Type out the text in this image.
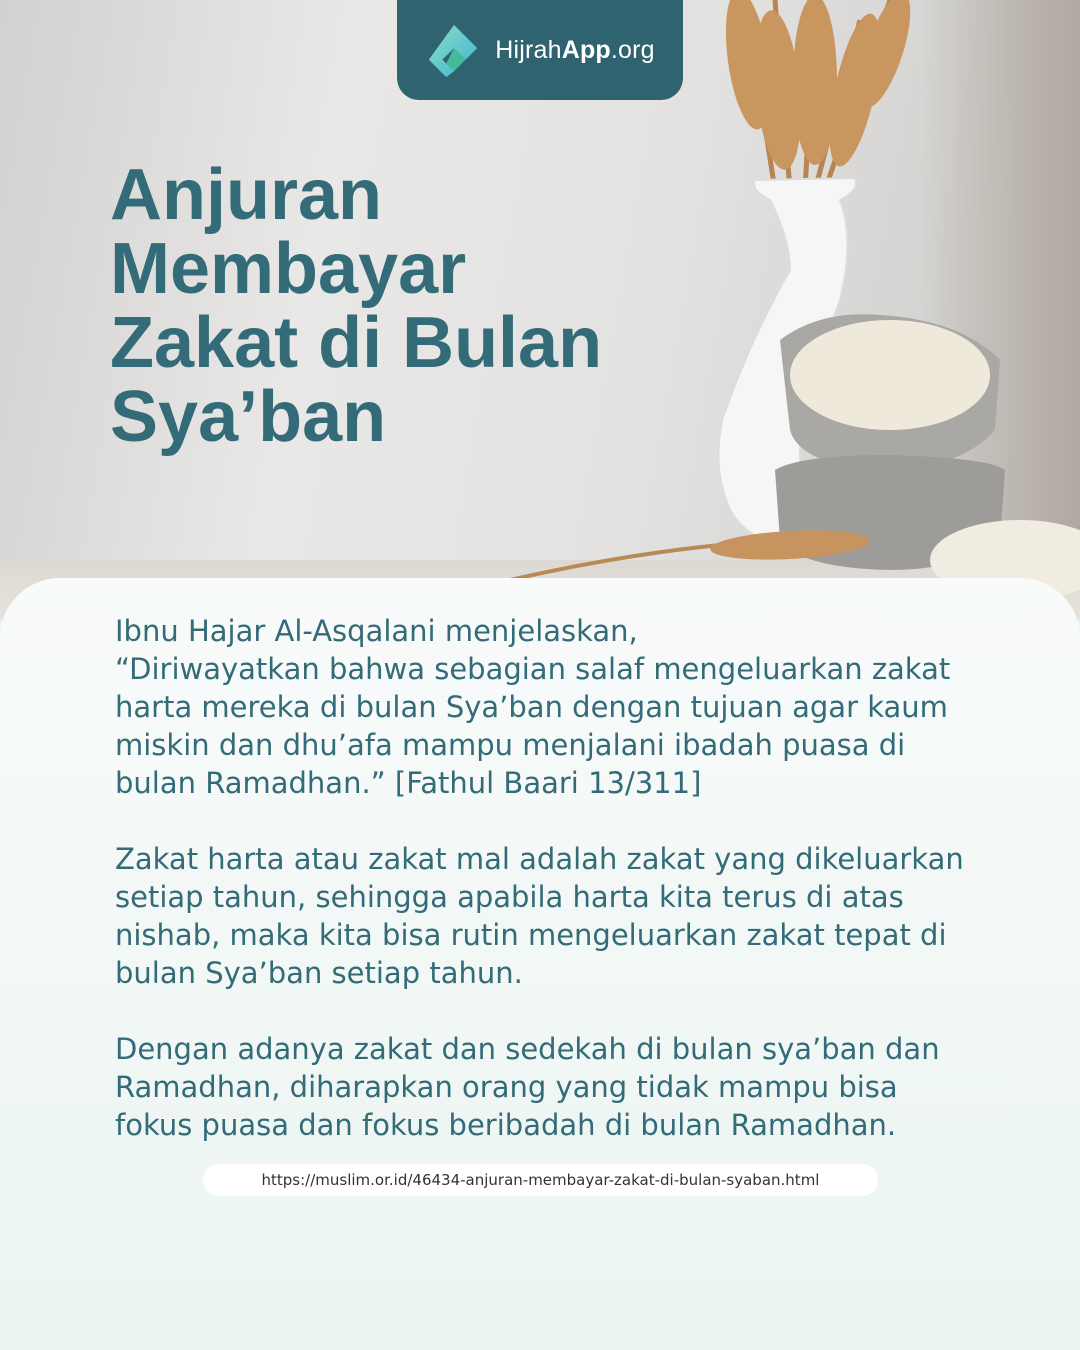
HijrahApp.org
Anjuran
Membayar
Zakat di Bulan
Sya’ban

Ibnu Hajar Al-Asqalani menjelaskan,
“Diriwayatkan bahwa sebagian salaf mengeluarkan zakat harta mereka di bulan Sya’ban dengan tujuan agar kaum miskin dan dhu’afa mampu menjalani ibadah puasa di bulan Ramadhan.” [Fathul Baari 13/311]

Zakat harta atau zakat mal adalah zakat yang dikeluarkan setiap tahun, sehingga apabila harta kita terus di atas nishab, maka kita bisa rutin mengeluarkan zakat tepat di bulan Sya’ban setiap tahun.

Dengan adanya zakat dan sedekah di bulan sya’ban dan Ramadhan, diharapkan orang yang tidak mampu bisa fokus puasa dan fokus beribadah di bulan Ramadhan.

https://muslim.or.id/46434-anjuran-membayar-zakat-di-bulan-syaban.html
